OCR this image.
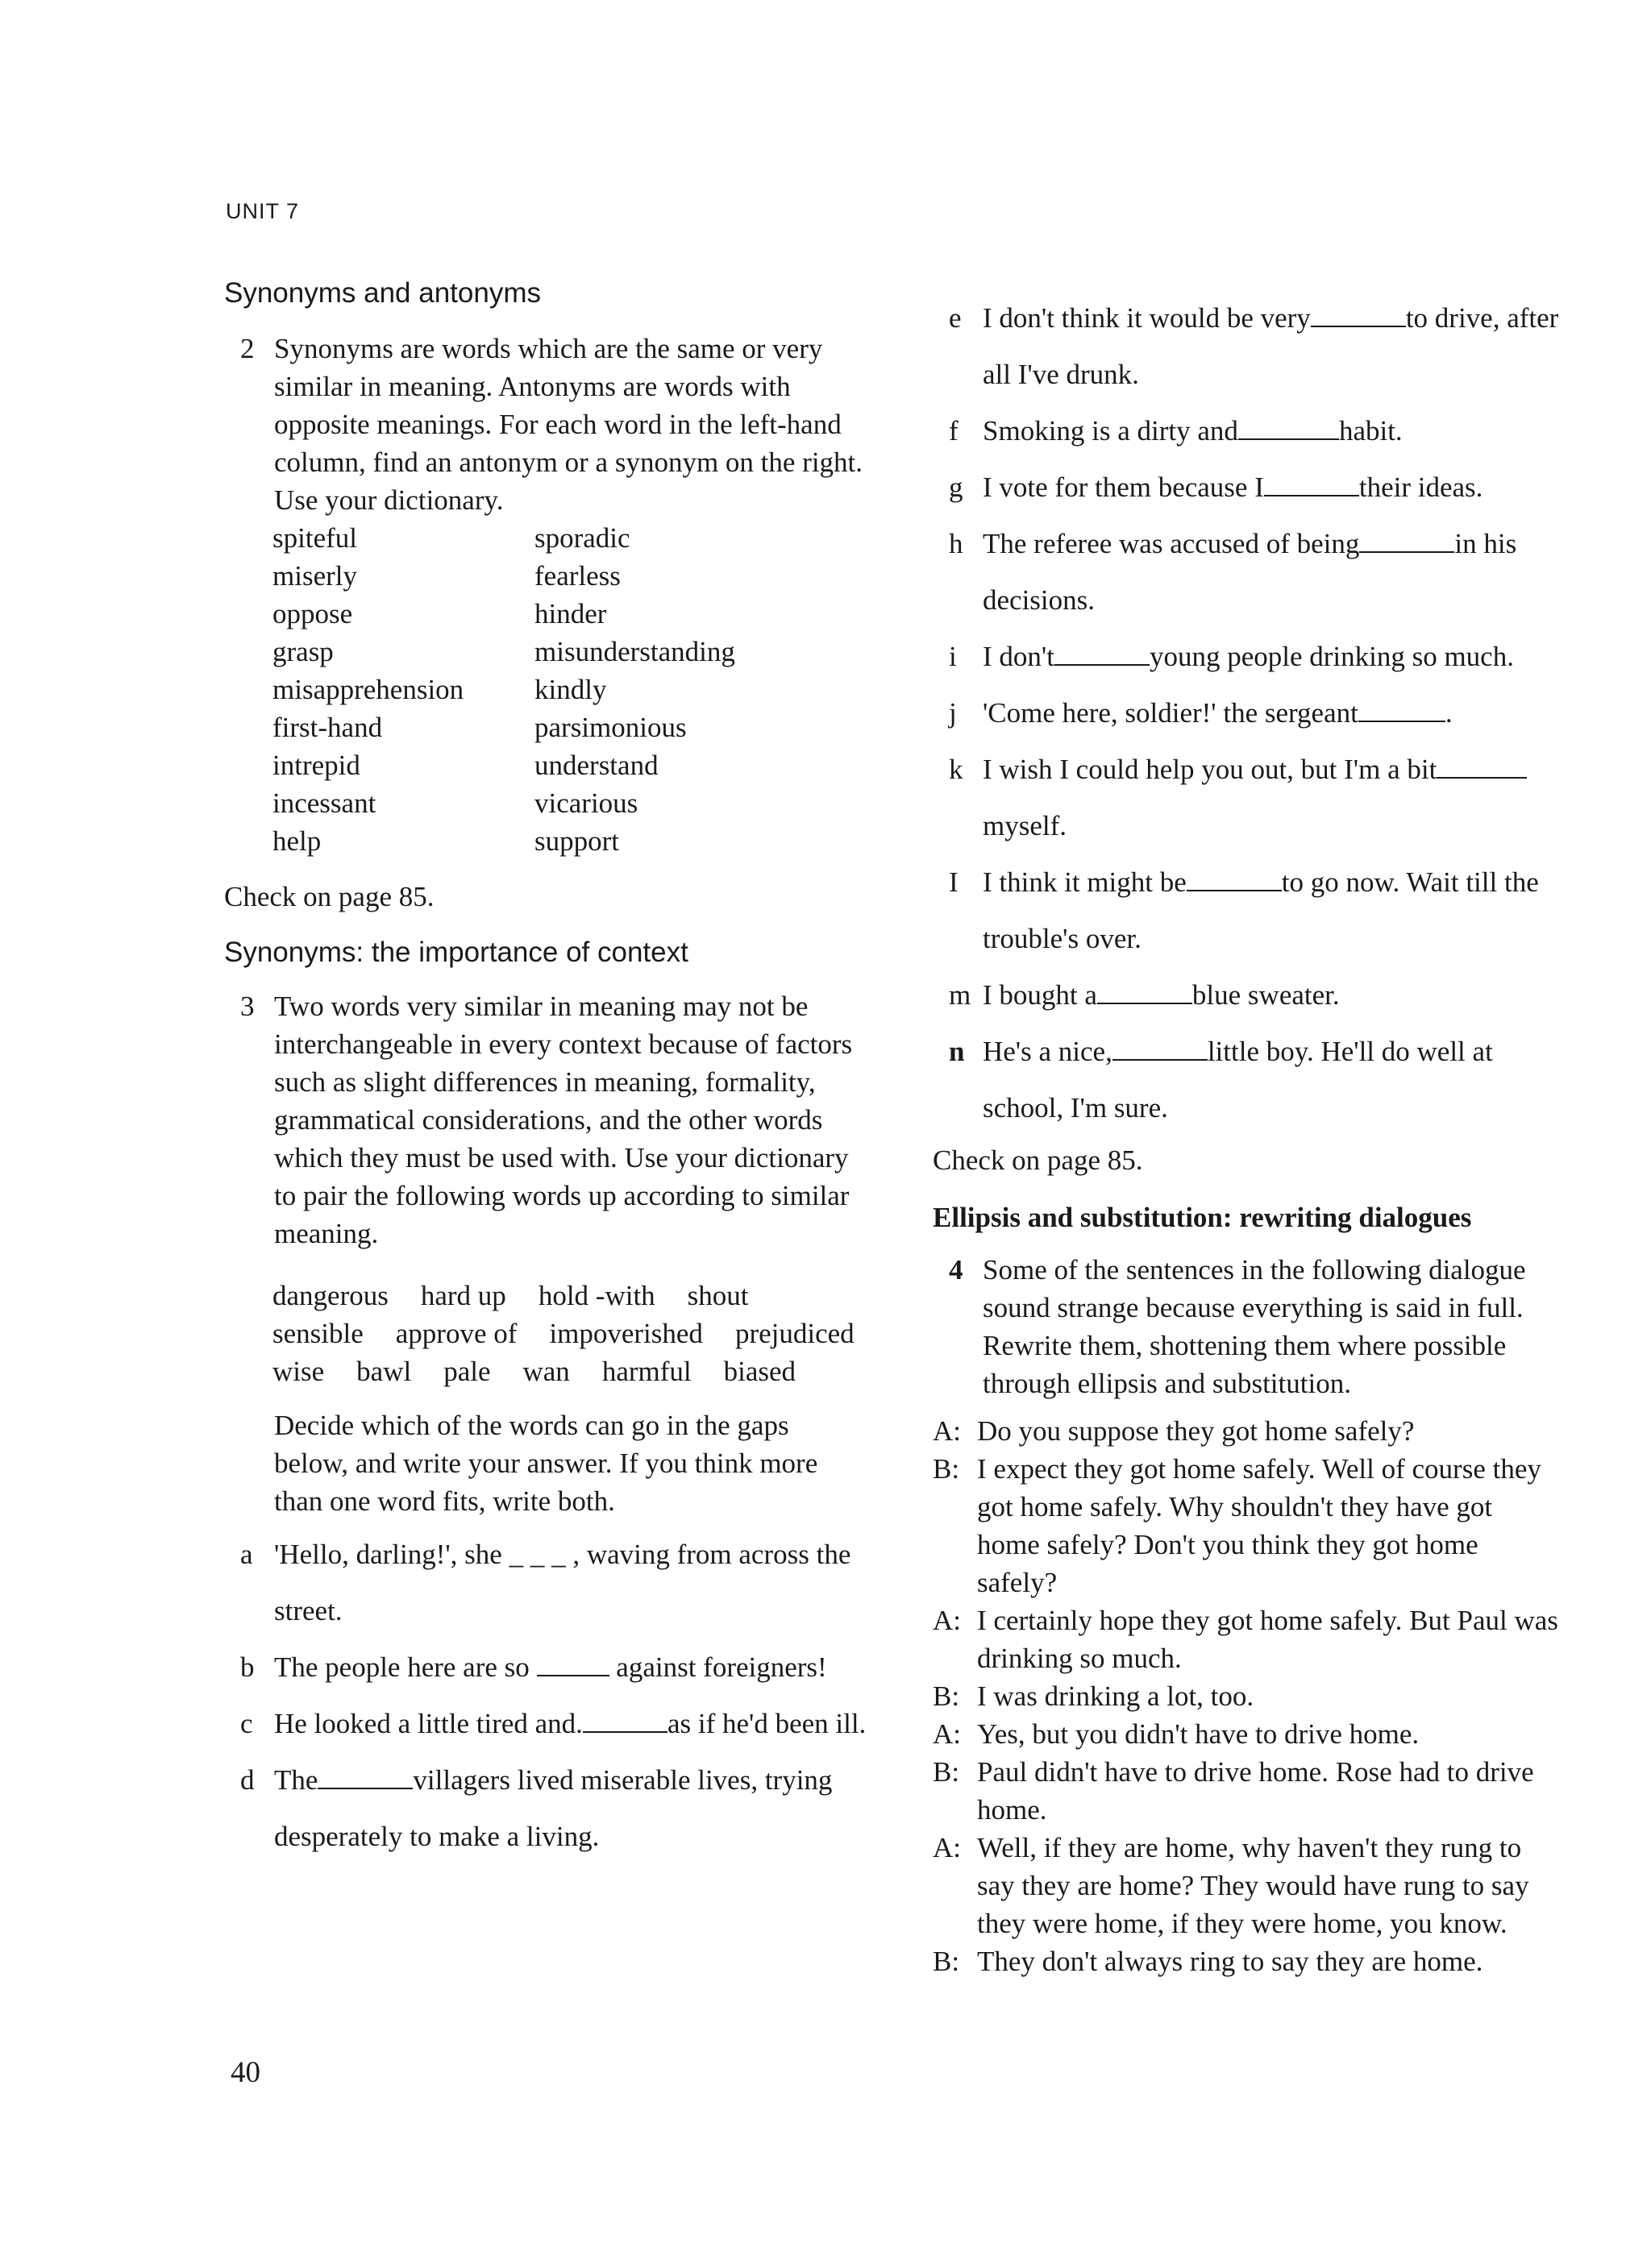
UNIT 7
Synonyms and antonyms
2 Synonyms are words which are the same or very similar in meaning. Antonyms are words with opposite meanings. For each word in the left-hand column, find an antonym or a synonym on the right. Use your dictionary.
spiteful	sporadic
miserly	fearless
oppose	hinder
grasp	misunderstanding
misapprehension	kindly
first-hand	parsimonious
intrepid	understand
incessant	vicarious
help	support
Check on page 85.
Synonyms: the importance of context
3 Two words very similar in meaning may not be interchangeable in every context because of factors such as slight differences in meaning, formality, grammatical considerations, and the other words which they must be used with. Use your dictionary to pair the following words up according to similar meaning.
dangerous hard up hold -with shout
sensible approve of impoverished prejudiced
wise bawl pale wan harmful biased
Decide which of the words can go in the gaps below, and write your answer. If you think more than one word fits, write both.
a 'Hello, darling!', she _ _ _ , waving from across the street.
b The people here are so	against foreigners!
c He looked a little tired and.	as if he'd been ill.
d The	villagers lived miserable lives, trying desperately to make a living.
e I don't think it would be very	to drive, after all I've drunk.
f Smoking is a dirty and	habit.
g I vote for them because I	their ideas.
h The referee was accused of being	in his decisions.
i I don't	young people drinking so much.
j 'Come here, soldier!' the sergeant	.
k I wish I could help you out, but I'm a bit myself.
I I think it might be	to go now. Wait till the trouble's over.
m I bought a	blue sweater.
n He's a nice,	little boy. He'll do well at school, I'm sure.
Check on page 85.
Ellipsis and substitution: rewriting dialogues
4 Some of the sentences in the following dialogue sound strange because everything is said in full. Rewrite them, shottening them where possible through ellipsis and substitution.
A: Do you suppose they got home safely?
B: I expect they got home safely. Well of course they got home safely. Why shouldn't they have got home safely? Don't you think they got home safely?
A: I certainly hope they got home safely. But Paul was drinking so much.
B: I was drinking a lot, too.
A: Yes, but you didn't have to drive home.
B: Paul didn't have to drive home. Rose had to drive home.
A: Well, if they are home, why haven't they rung to say they are home? They would have rung to say they were home, if they were home, you know.
B: They don't always ring to say they are home.
40
